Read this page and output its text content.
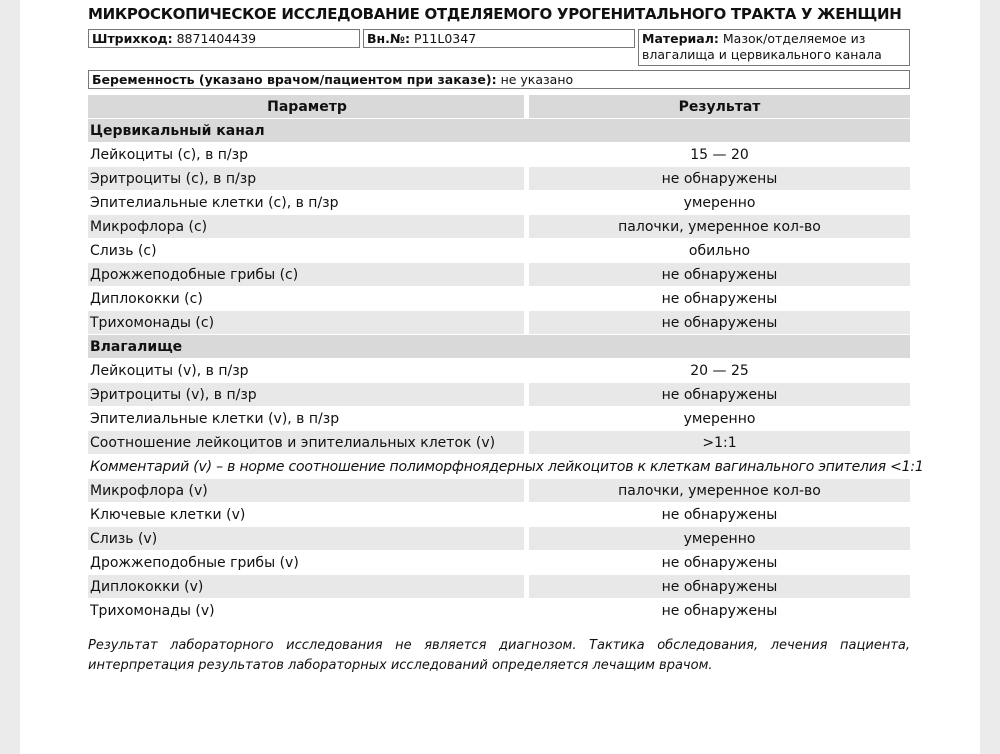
МИКРОСКОПИЧЕСКОЕ ИССЛЕДОВАНИЕ ОТДЕЛЯЕМОГО УРОГЕНИТАЛЬНОГО ТРАКТА У ЖЕНЩИН
Штрихкод: 8871404439	Вн.№: P11L0347	Материал: Мазок/отделяемое из влагалища и цервикального канала
Беременность (указано врачом/пациентом при заказе): не указано
Параметр	Результат
Цервикальный канал
Лейкоциты (c), в п/зр	15 — 20
Эритроциты (c), в п/зр	не обнаружены
Эпителиальные клетки (c), в п/зр	умеренно
Микрофлора (c)	палочки, умеренное кол-во
Слизь (c)	обильно
Дрожжеподобные грибы (c)	не обнаружены
Диплококки (c)	не обнаружены
Трихомонады (c)	не обнаружены
Влагалище
Лейкоциты (v), в п/зр	20 — 25
Эритроциты (v), в п/зр	не обнаружены
Эпителиальные клетки (v), в п/зр	умеренно
Соотношение лейкоцитов и эпителиальных клеток (v)	>1:1
Комментарий (v) – в норме соотношение полиморфноядерных лейкоцитов к клеткам вагинального эпителия <1:1
Микрофлора (v)	палочки, умеренное кол-во
Ключевые клетки (v)	не обнаружены
Слизь (v)	умеренно
Дрожжеподобные грибы (v)	не обнаружены
Диплококки (v)	не обнаружены
Трихомонады (v)	не обнаружены
Результат лабораторного исследования не является диагнозом. Тактика обследования, лечения пациента, интерпретация результатов лабораторных исследований определяется лечащим врачом.
